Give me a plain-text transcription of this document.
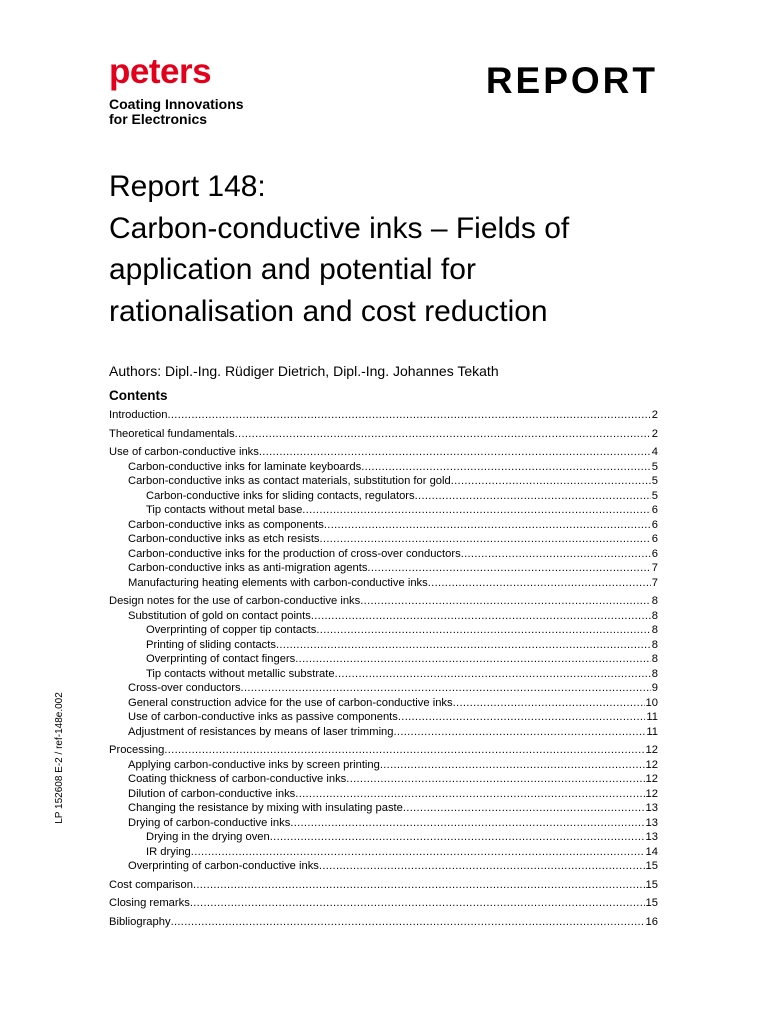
peters
Coating Innovations
for Electronics
REPORT
Report 148:
Carbon-conductive inks – Fields of
application and potential for
rationalisation and cost reduction
Authors: Dipl.-Ing. Rüdiger Dietrich, Dipl.-Ing. Johannes Tekath
Contents
Introduction .....	2
Theoretical fundamentals .....	2
Use of carbon-conductive inks .....	4
Carbon-conductive inks for laminate keyboards .....	5
Carbon-conductive inks as contact materials, substitution for gold .....	5
Carbon-conductive inks for sliding contacts, regulators .....	5
Tip contacts without metal base .....	6
Carbon-conductive inks as components .....	6
Carbon-conductive inks as etch resists .....	6
Carbon-conductive inks for the production of cross-over conductors .....	6
Carbon-conductive inks as anti-migration agents .....	7
Manufacturing heating elements with carbon-conductive inks .....	7
Design notes for the use of carbon-conductive inks .....	8
Substitution of gold on contact points .....	8
Overprinting of copper tip contacts .....	8
Printing of sliding contacts .....	8
Overprinting of contact fingers .....	8
Tip contacts without metallic substrate .....	8
Cross-over conductors .....	9
General construction advice for the use of carbon-conductive inks .....	10
Use of carbon-conductive inks as passive components .....	11
Adjustment of resistances by means of laser trimming .....	11
Processing .....	12
Applying carbon-conductive inks by screen printing .....	12
Coating thickness of carbon-conductive inks .....	12
Dilution of carbon-conductive inks .....	12
Changing the resistance by mixing with insulating paste .....	13
Drying of carbon-conductive inks .....	13
Drying in the drying oven .....	13
IR drying .....	14
Overprinting of carbon-conductive inks .....	15
Cost comparison .....	15
Closing remarks .....	15
Bibliography .....	16
LP 152608 E-2 / ref-148e.002
